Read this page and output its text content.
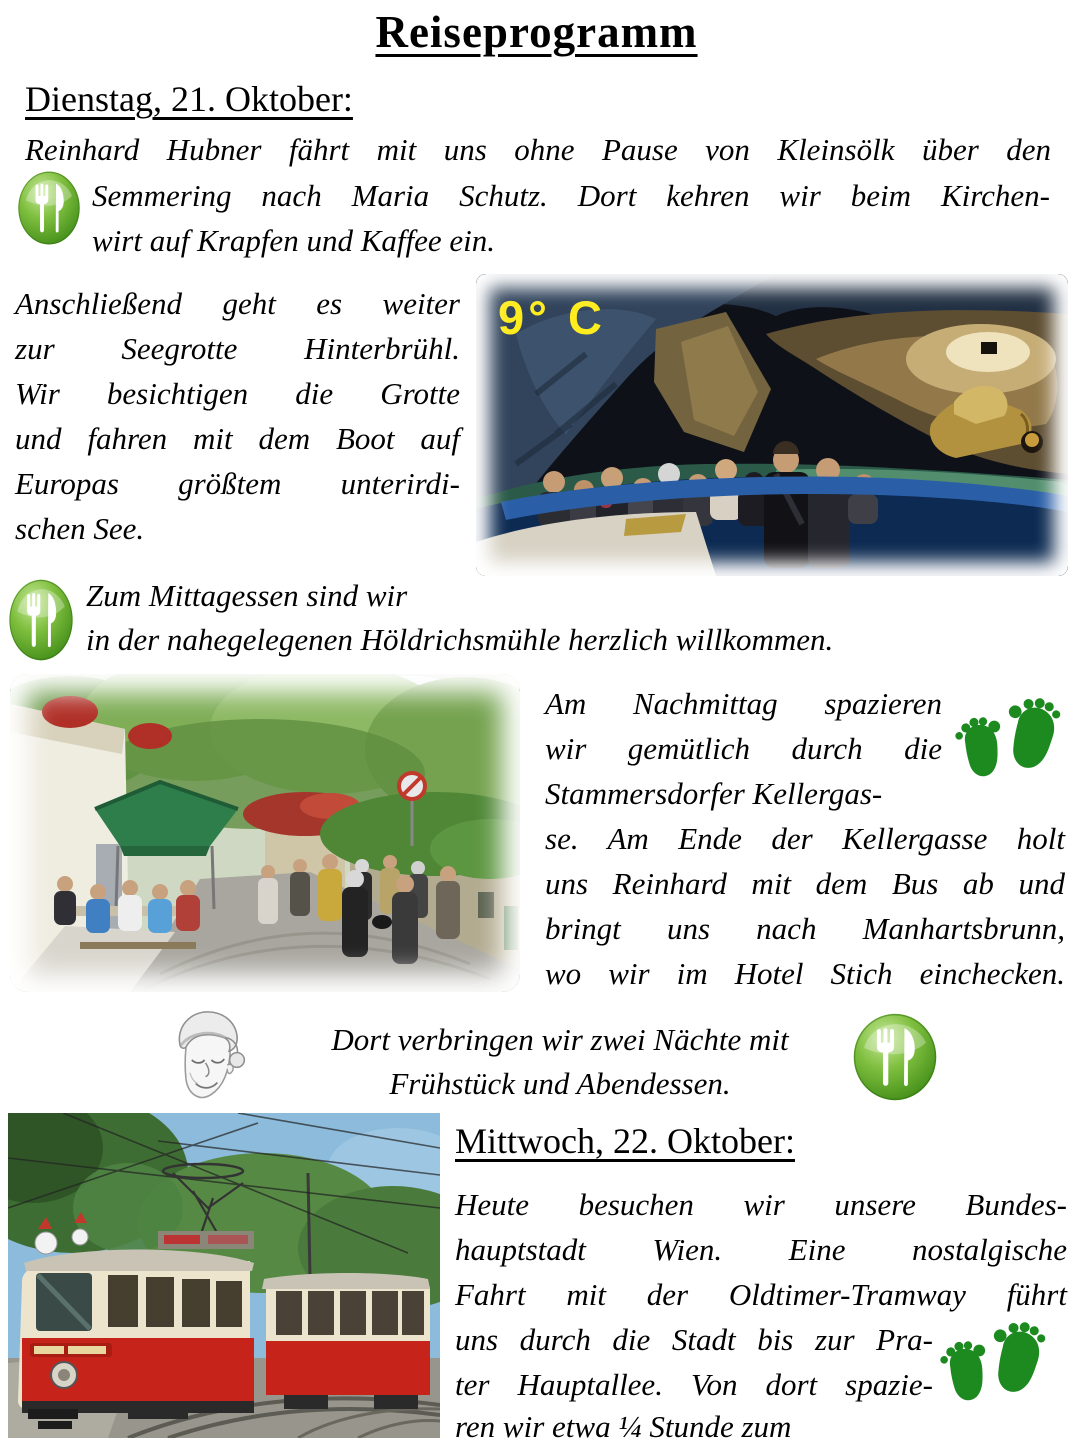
Reiseprogramm
Dienstag, 21. Oktober:
Reinhard Hubner fährt mit uns ohne Pause von Kleinsölk über den
Semmering nach Maria Schutz. Dort kehren wir beim Kirchen-
wirt auf Krapfen und Kaffee ein.
Anschließend geht es weiter
zur Seegrotte Hinterbrühl.
Wir besichtigen die Grotte
und fahren mit dem Boot auf
Europas größtem unterirdi-
schen See.
9° C
Zum Mittagessen sind wir
in der nahegelegenen Höldrichsmühle herzlich willkommen.
Am Nachmittag spazieren
wir gemütlich durch die
Stammersdorfer Kellergas-
se. Am Ende der Kellergasse holt
uns Reinhard mit dem Bus ab und
bringt uns nach Manhartsbrunn,
wo wir im Hotel Stich einchecken.
Dort verbringen wir zwei Nächte mit
Frühstück und Abendessen.
Mittwoch, 22. Oktober:
Heute besuchen wir unsere Bundes-
hauptstadt Wien. Eine nostalgische
Fahrt mit der Oldtimer-Tramway führt
uns durch die Stadt bis zur Pra-
ter Hauptallee. Von dort spazie-
ren wir etwa ¼ Stunde zum
